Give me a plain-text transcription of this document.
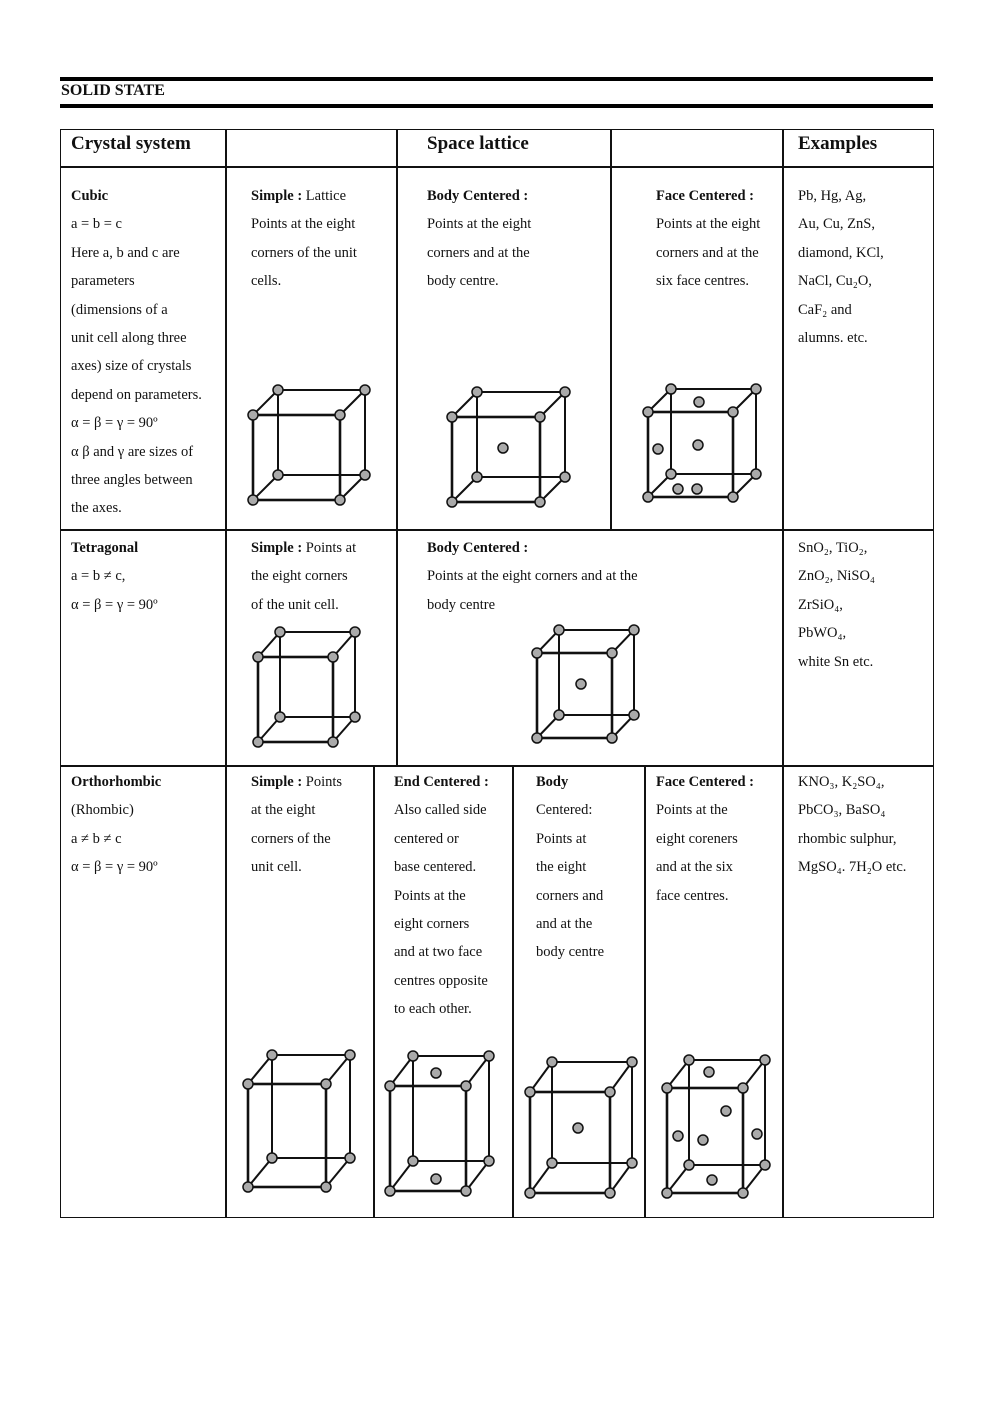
SOLID STATE
Crystal system	Space lattice	Examples
Cubic
a = b = c
Here a, b and c are
parameters
(dimensions of a
unit cell along three
axes) size of crystals
depend on parameters.
α = β = γ = 90º
α β and γ are sizes of
three angles between
the axes.
Simple : Lattice
Points at the eight
corners of the unit
cells.
Body Centered :
Points at the eight
corners and at the
body centre.
Face Centered :
Points at the eight
corners and at the
six face centres.
Pb, Hg, Ag,
Au, Cu, ZnS,
diamond, KCl,
NaCl, Cu₂O,
CaF₂ and
alumns. etc.
Tetragonal
a = b ≠ c,
α = β = γ = 90º
Simple : Points at
the eight corners
of the unit cell.
Body Centered :
Points at the eight corners and at the
body centre
SnO₂, TiO₂,
ZnO₂, NiSO₄
ZrSiO₄,
PbWO₄,
white Sn etc.
Orthorhombic
(Rhombic)
a ≠ b ≠ c
α = β = γ = 90º
Simple : Points
at the eight
corners of the
unit cell.
End Centered :
Also called side
centered or
base centered.
Points at the
eight corners
and at two face
centres opposite
to each other.
Body
Centered:
Points at
the eight
corners and
and at the
body centre
Face Centered :
Points at the
eight coreners
and at the six
face centres.
KNO₃, K₂SO₄,
PbCO₃, BaSO₄
rhombic sulphur,
MgSO₄. 7H₂O etc.
